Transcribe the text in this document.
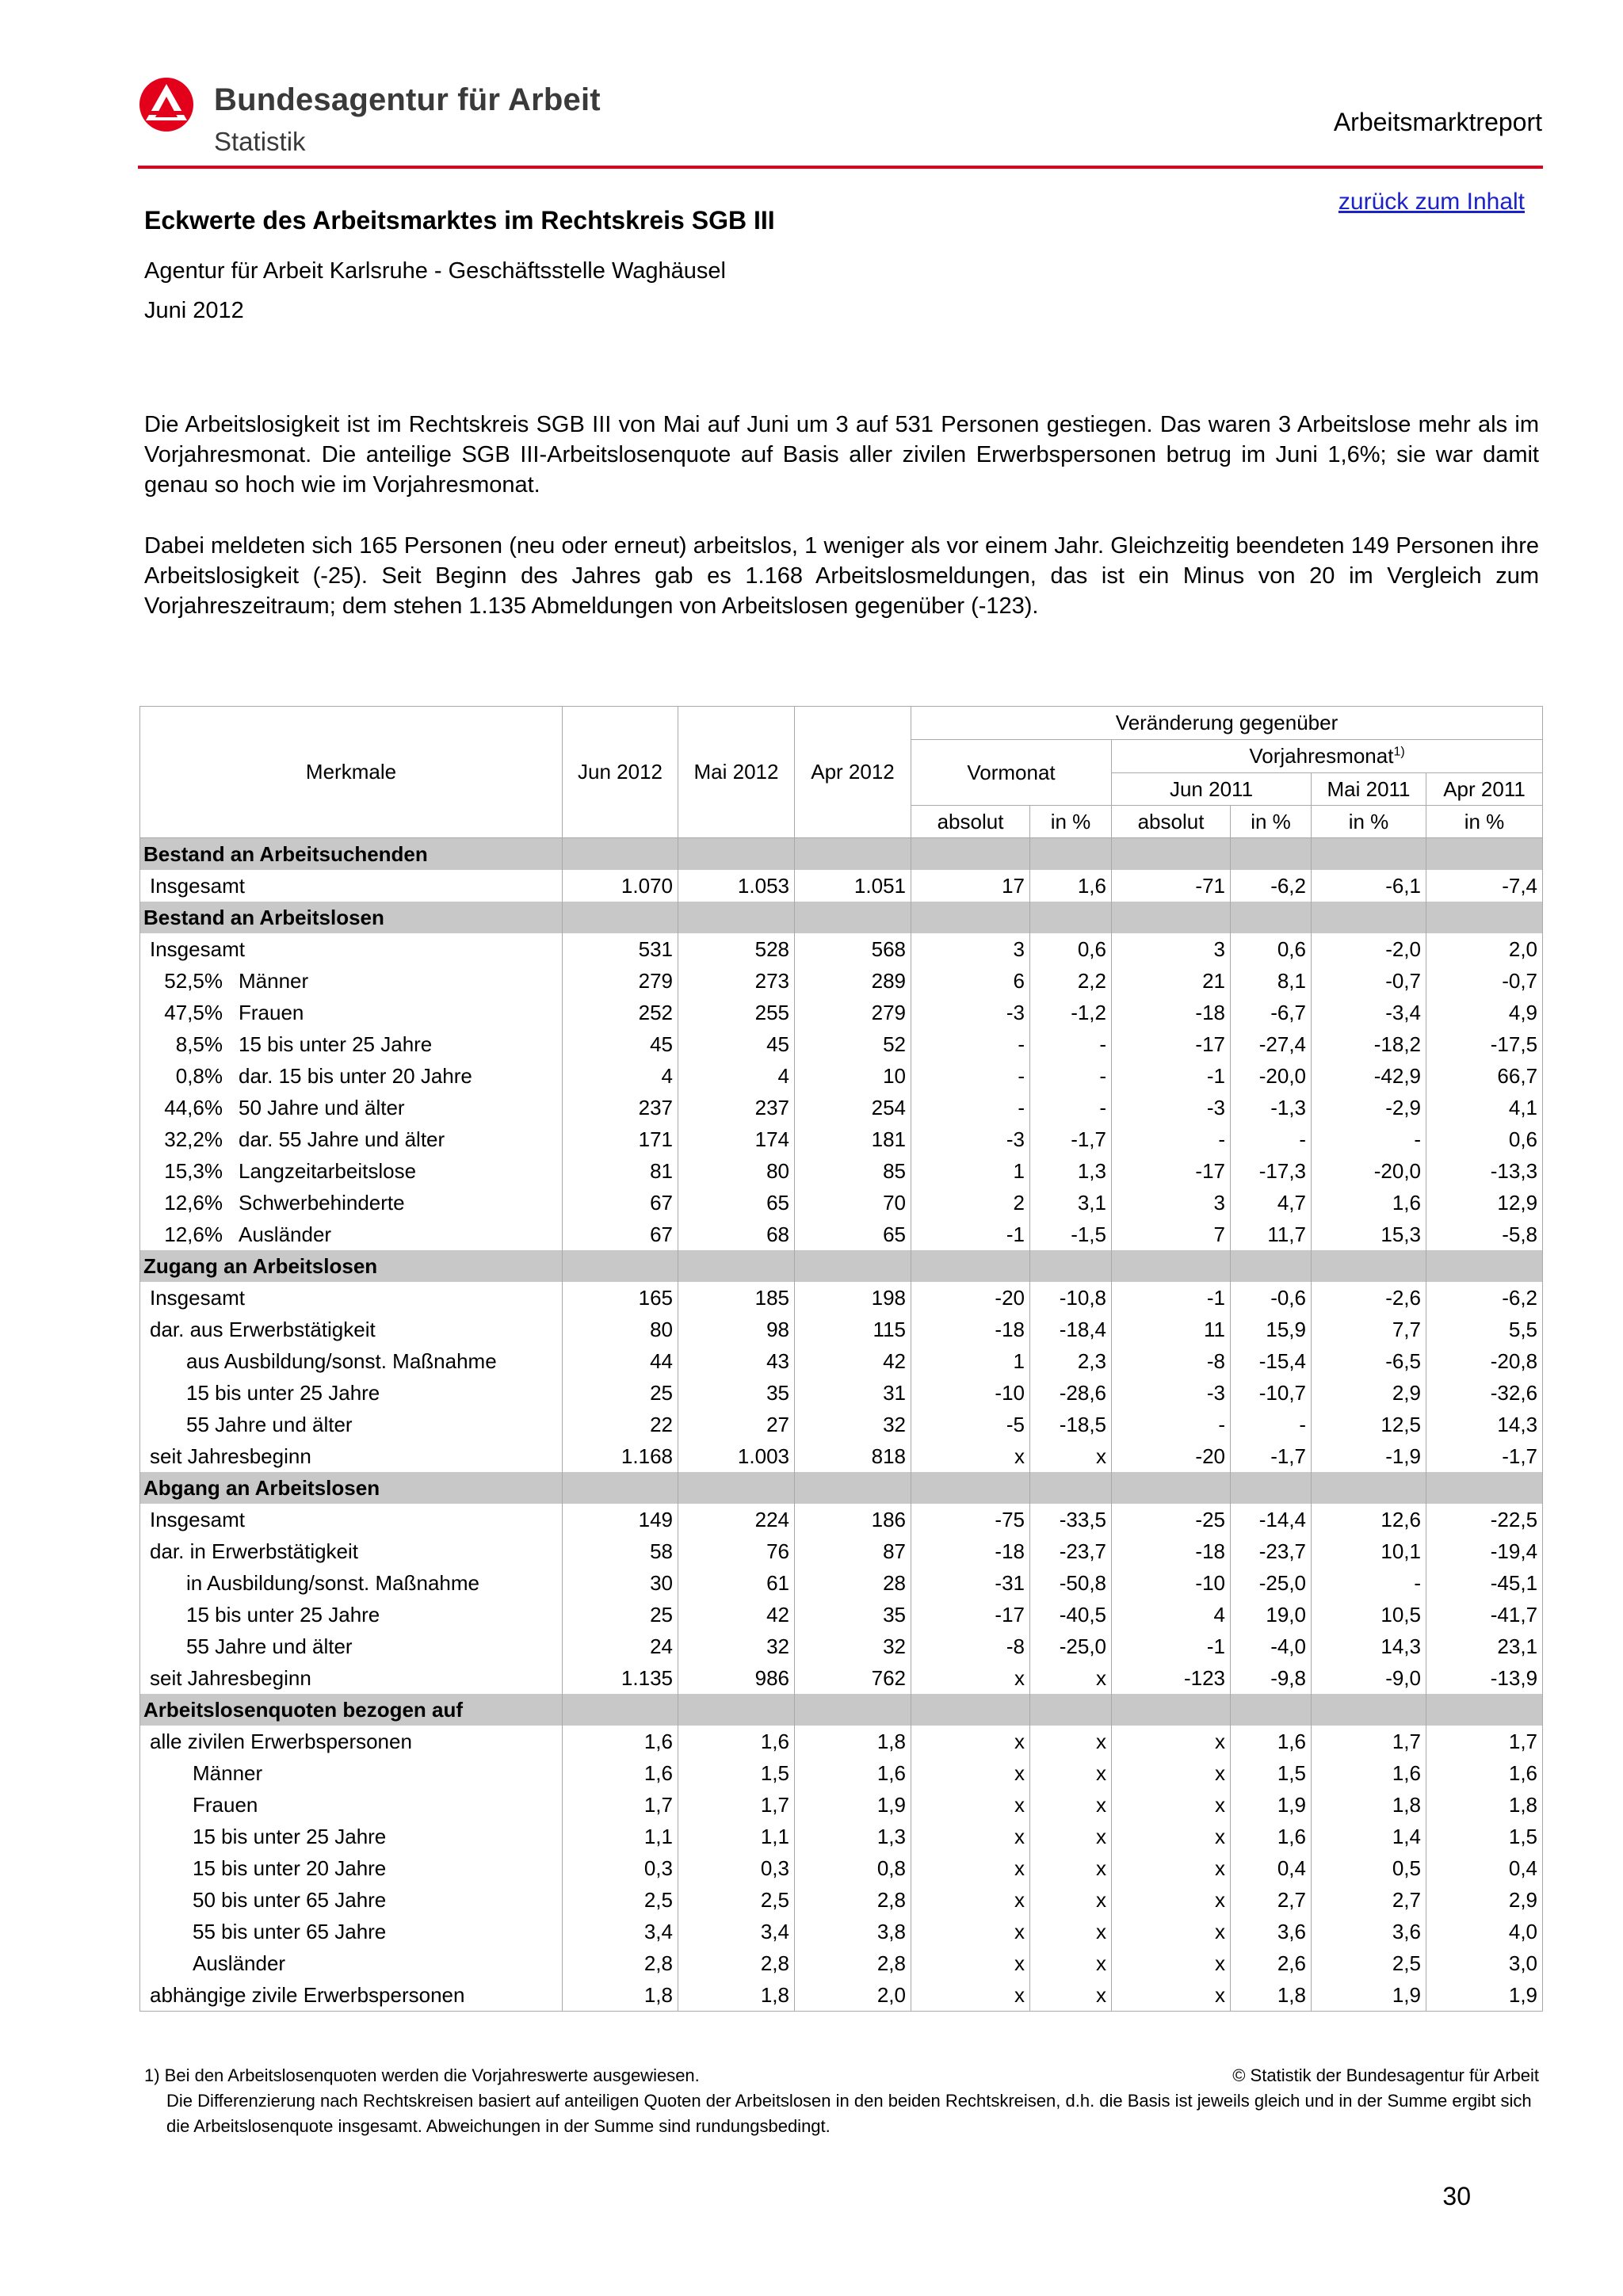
Bundesagentur für Arbeit
Statistik
Arbeitsmarktreport
zurück zum Inhalt
Eckwerte des Arbeitsmarktes im Rechtskreis SGB III
Agentur für Arbeit Karlsruhe - Geschäftsstelle Waghäusel
Juni 2012
Die Arbeitslosigkeit ist im Rechtskreis SGB III von Mai auf Juni um 3 auf 531 Personen gestiegen. Das waren 3 Arbeitslose mehr als im Vorjahresmonat. Die anteilige SGB III-Arbeitslosenquote auf Basis aller zivilen Erwerbspersonen betrug im Juni 1,6%; sie war damit genau so hoch wie im Vorjahresmonat.
Dabei meldeten sich 165 Personen (neu oder erneut) arbeitslos, 1 weniger als vor einem Jahr. Gleichzeitig beendeten 149 Personen ihre Arbeitslosigkeit (-25). Seit Beginn des Jahres gab es 1.168 Arbeitslosmeldungen, das ist ein Minus von 20 im Vergleich zum Vorjahreszeitraum; dem stehen 1.135 Abmeldungen von Arbeitslosen gegenüber (-123).
Merkmale	Jun 2012	Mai 2012	Apr 2012	Veränderung gegenüber					
				Vormonat		Vorjahresmonat$^{1)}$
						Jun 2011		Mai 2011	Apr 2011
				absolut	in %	absolut	in %	in %	in %
Bestand an Arbeitsuchenden									
Insgesamt	1.070	1.053	1.051	17	1,6	-71	-6,2	-6,1	-7,4
Bestand an Arbeitslosen									
Insgesamt	531	528	568	3	0,6	3	0,6	-2,0	2,0
52,5% Männer	279	273	289	6	2,2	21	8,1	-0,7	-0,7
47,5% Frauen	252	255	279	-3	-1,2	-18	-6,7	-3,4	4,9
8,5% 15 bis unter 25 Jahre	45	45	52	-	-	-17	-27,4	-18,2	-17,5
0,8% dar. 15 bis unter 20 Jahre	4	4	10	-	-	-1	-20,0	-42,9	66,7
44,6% 50 Jahre und älter	237	237	254	-	-	-3	-1,3	-2,9	4,1
32,2% dar. 55 Jahre und älter	171	174	181	-3	-1,7	-	-	-	0,6
15,3% Langzeitarbeitslose	81	80	85	1	1,3	-17	-17,3	-20,0	-13,3
12,6% Schwerbehinderte	67	65	70	2	3,1	3	4,7	1,6	12,9
12,6% Ausländer	67	68	65	-1	-1,5	7	11,7	15,3	-5,8
Zugang an Arbeitslosen									
Insgesamt	165	185	198	-20	-10,8	-1	-0,6	-2,6	-6,2
dar. aus Erwerbstätigkeit	80	98	115	-18	-18,4	11	15,9	7,7	5,5
aus Ausbildung/sonst. Maßnahme	44	43	42	1	2,3	-8	-15,4	-6,5	-20,8
15 bis unter 25 Jahre	25	35	31	-10	-28,6	-3	-10,7	2,9	-32,6
55 Jahre und älter	22	27	32	-5	-18,5	-	-	12,5	14,3
seit Jahresbeginn	1.168	1.003	818	x	x	-20	-1,7	-1,9	-1,7
Abgang an Arbeitslosen									
Insgesamt	149	224	186	-75	-33,5	-25	-14,4	12,6	-22,5
dar. in Erwerbstätigkeit	58	76	87	-18	-23,7	-18	-23,7	10,1	-19,4
in Ausbildung/sonst. Maßnahme	30	61	28	-31	-50,8	-10	-25,0	-	-45,1
15 bis unter 25 Jahre	25	42	35	-17	-40,5	4	19,0	10,5	-41,7
55 Jahre und älter	24	32	32	-8	-25,0	-1	-4,0	14,3	23,1
seit Jahresbeginn	1.135	986	762	x	x	-123	-9,8	-9,0	-13,9
Arbeitslosenquoten bezogen auf									
alle zivilen Erwerbspersonen	1,6	1,6	1,8	x	x	x	1,6	1,7	1,7
Männer	1,6	1,5	1,6	x	x	x	1,5	1,6	1,6
Frauen	1,7	1,7	1,9	x	x	x	1,9	1,8	1,8
15 bis unter 25 Jahre	1,1	1,1	1,3	x	x	x	1,6	1,4	1,5
15 bis unter 20 Jahre	0,3	0,3	0,8	x	x	x	0,4	0,5	0,4
50 bis unter 65 Jahre	2,5	2,5	2,8	x	x	x	2,7	2,7	2,9
55 bis unter 65 Jahre	3,4	3,4	3,8	x	x	x	3,6	3,6	4,0
Ausländer	2,8	2,8	2,8	x	x	x	2,6	2,5	3,0
abhängige zivile Erwerbspersonen	1,8	1,8	2,0	x	x	x	1,8	1,9	1,9
1) Bei den Arbeitslosenquoten werden die Vorjahreswerte ausgewiesen.	© Statistik der Bundesagentur für Arbeit
Die Differenzierung nach Rechtskreisen basiert auf anteiligen Quoten der Arbeitslosen in den beiden Rechtskreisen, d.h. die Basis ist jeweils gleich und in der Summe ergibt sich die Arbeitslosenquote insgesamt. Abweichungen in der Summe sind rundungsbedingt.
30
